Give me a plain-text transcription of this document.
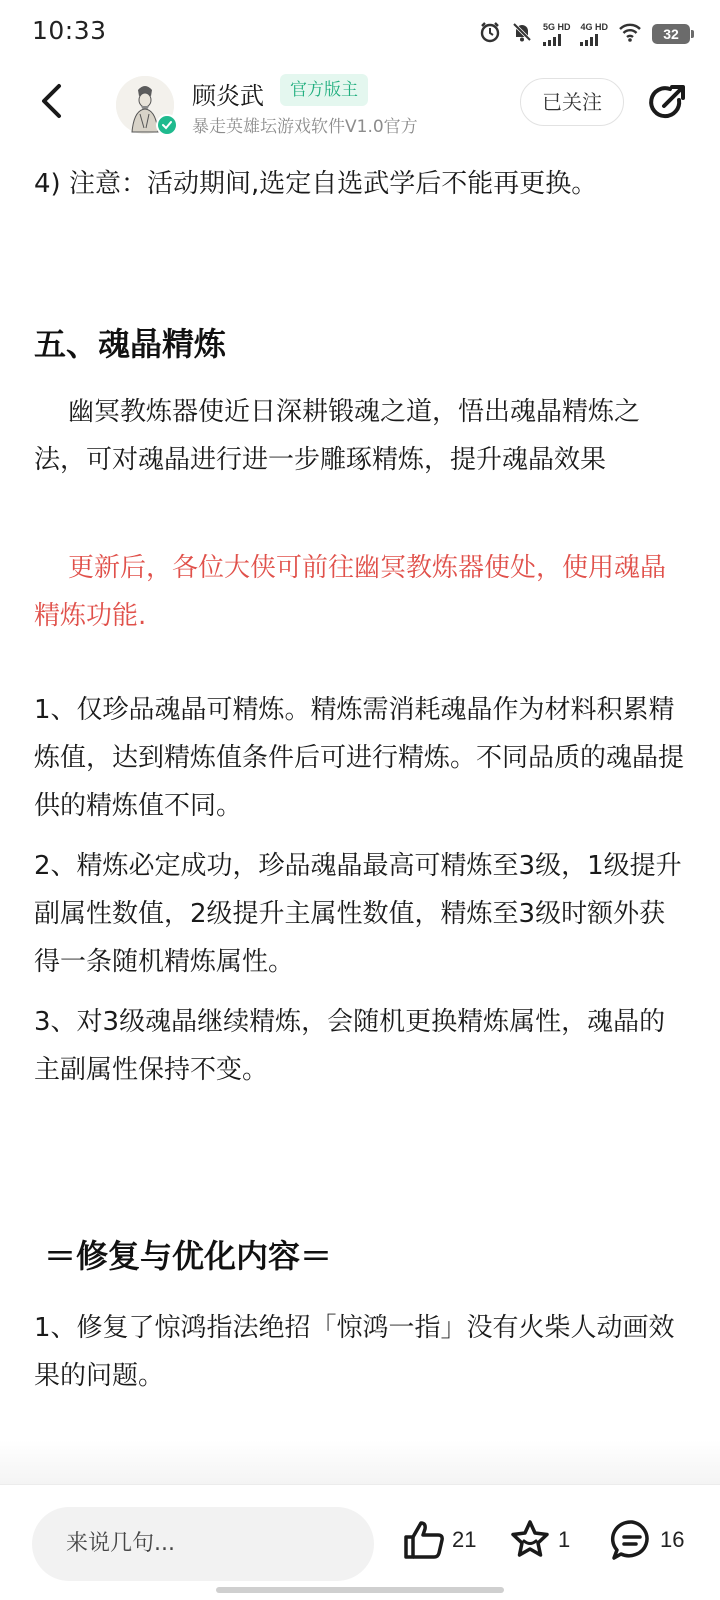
10:33	5G HD 4G HD	32
顾炎武	官方版主
暴走英雄坛游戏软件V1.0官方
已关注
4) 注意：活动期间,选定自选武学后不能再更换。
五、魂晶精炼
幽冥教炼器使近日深耕锻魂之道，悟出魂晶精炼之法，可对魂晶进行进一步雕琢精炼，提升魂晶效果
更新后，各位大侠可前往幽冥教炼器使处，使用魂晶精炼功能.
1、仅珍品魂晶可精炼。精炼需消耗魂晶作为材料积累精炼值，达到精炼值条件后可进行精炼。不同品质的魂晶提供的精炼值不同。
2、精炼必定成功，珍品魂晶最高可精炼至3级，1级提升副属性数值，2级提升主属性数值，精炼至3级时额外获得一条随机精炼属性。
3、对3级魂晶继续精炼，会随机更换精炼属性，魂晶的主副属性保持不变。
＝修复与优化内容＝
1、修复了惊鸿指法绝招「惊鸿一指」没有火柴人动画效果的问题。
来说几句...	21	1	16
